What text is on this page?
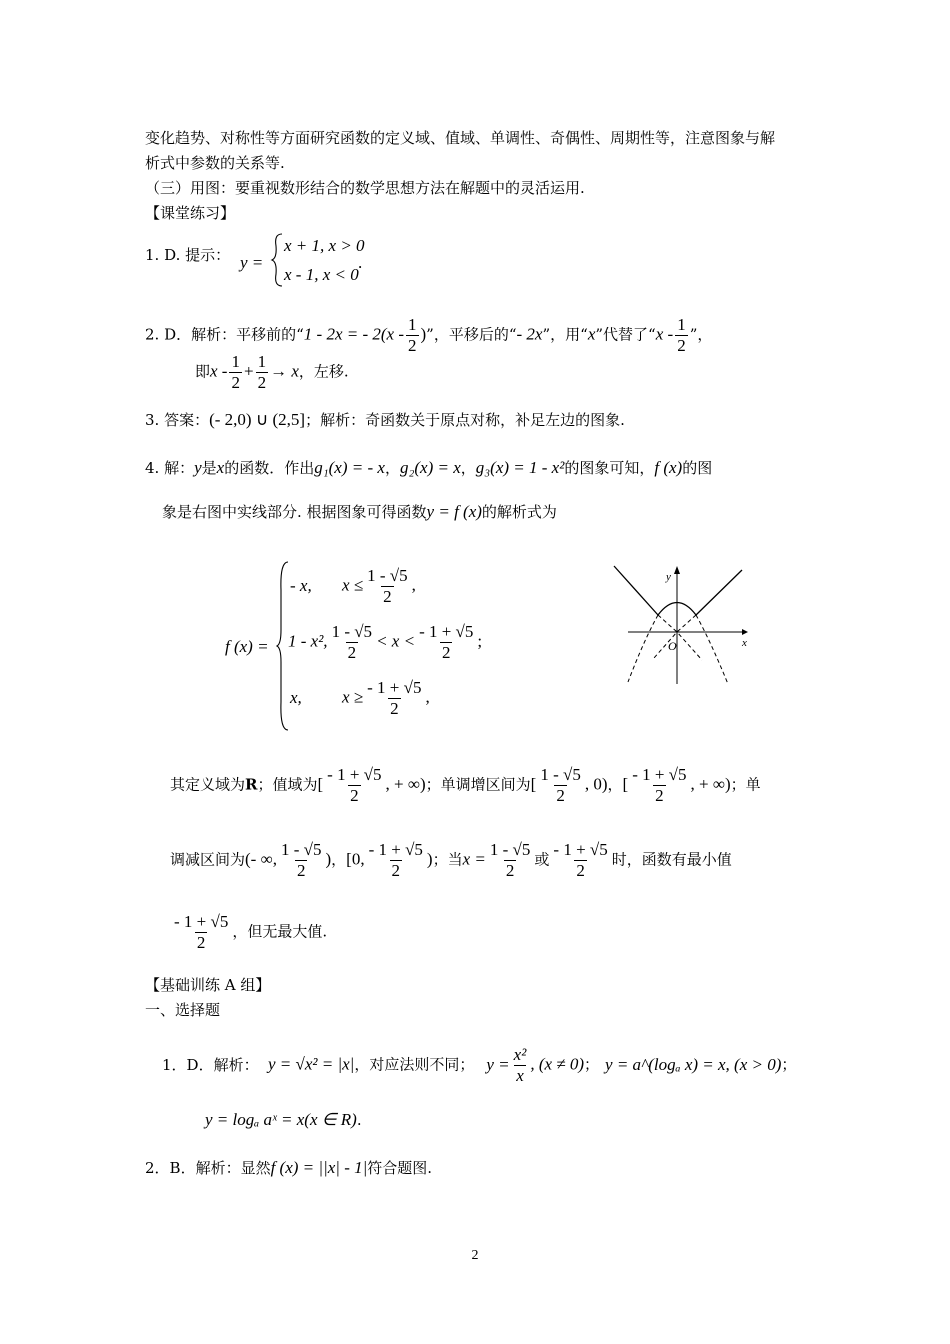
变化趋势、对称性等方面研究函数的定义域、值域、单调性、奇偶性、周期性等，注意图象与解
析式中参数的关系等.
（三）用图：要重视数形结合的数学思想方法在解题中的灵活运用.
【课堂练习】
1. D. 提示： y =
x + 1, x > 0
x - 1, x < 0
.
2. D．解析：平移前的“1 - 2x = - $2(x - \frac{1}{2}$ )”，平移后的“- 2x”，用“x”代替了“x - $\frac{1}{2}$ ”，
即$x - \frac{1}{2} + \frac{1}{2} \to x$，左移.
3. 答案：(- 2,0) ∪ (2,5]；解析：奇函数关于原点对称，补足左边的图象.
4. 解：y是x的函数．作出g₁(x) = - x，g₂(x) = x，g₃(x) = 1 - x²的图象可知，f (x)的图
象是右图中实线部分. 根据图象可得函数y = f (x)的解析式为
f (x) =
- x, $x \le \frac{1 - √5}{2}$ ,
1 - x², $\frac{1 - √5}{2} < x < \frac{- 1 + √5}{2}$ ;
x, $x \ge \frac{- 1 + √5}{2}$ ,
y
x
O
其定义域为R；值域为[ $\frac{- 1 + √5}{2}$ , + ∞)；单调增区间为[ $\frac{1 - √5}{2}$ , 0)，[ $\frac{- 1 + √5}{2}$ , + ∞)；单
调减区间为(- ∞, $\frac{1 - √5}{2}$ )，[0, $\frac{- 1 + √5}{2}$ )；当$x = \frac{1 - √5}{2}$ 或 $\frac{- 1 + √5}{2}$ 时，函数有最小值
$\frac{- 1 + √5}{2}$ ，但无最大值.
【基础训练 A 组】
一、选择题
1．D．解析： y = √x² = |x|，对应法则不同； $y = \frac{\text{x²}}{x}$ , (x ≠ 0)； y = a^(logₐ x) = x, (x > 0)；
y = logₐ aˣ = x(x ∈ R).
2．B．解析：显然f (x) = ||x| - 1|符合题图.
2
